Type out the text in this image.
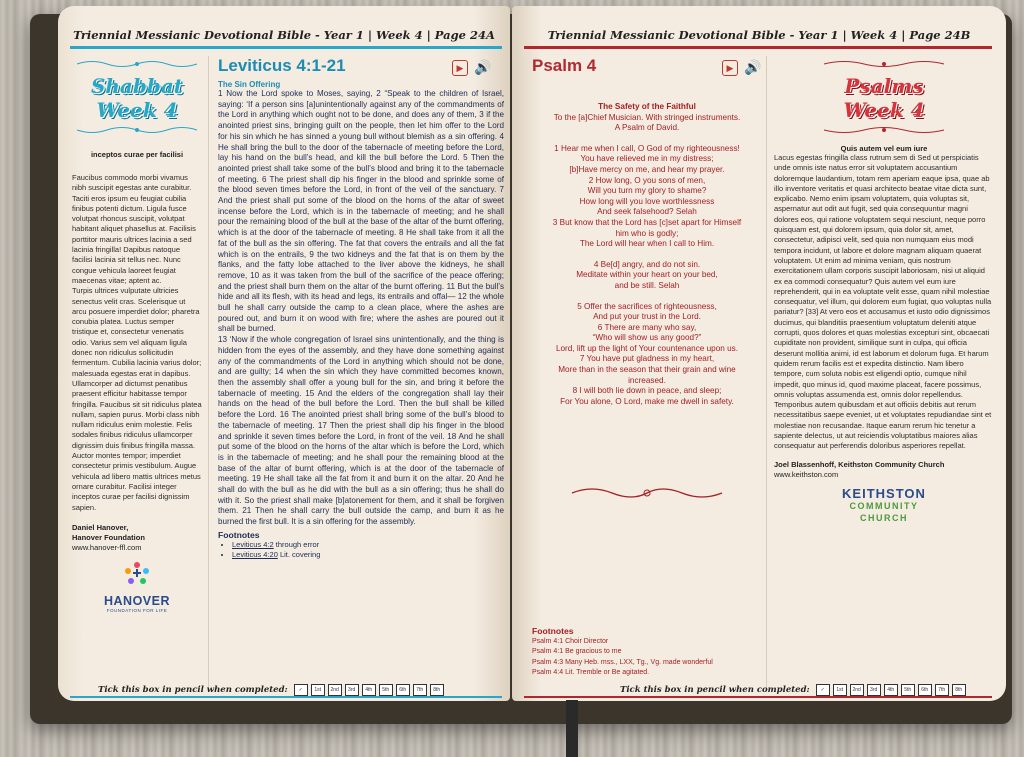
Triennial Messianic Devotional Bible - Year 1 | Week 4 | Page 24A
Shabbat
Week 4
inceptos curae per facilisi
Faucibus commodo morbi vivamus nibh suscipit egestas ante curabitur. Taciti eros ipsum eu feugiat cubilia finibus potenti dictum. Ligula fusce volutpat rhoncus suscipit, volutpat habitant aliquet phasellus at. Facilisis porttitor mauris ultrices lacinia a sed lacinia fringilla! Dapibus natoque facilisi lacinia sit tellus nec. Nunc congue vehicula laoreet feugiat maecenas vitae; aptent ac.
Turpis ultrices vulputate ultricies senectus velit cras. Scelerisque ut arcu posuere imperdiet dolor; pharetra conubia platea. Luctus semper tristique et, consectetur venenatis odio. Varius sem vel aliquam ligula donec non ridiculus sollicitudin fermentum. Cubilia lacinia varius dolor; malesuada egestas erat in dapibus. Ullamcorper ad dictumst penatibus praesent efficitur habitasse tempor fringilla. Faucibus sit sit ridiculus platea nullam, sapien purus. Morbi class nibh nullam ridiculus enim molestie. Felis sodales finibus ridiculus ullamcorper dignissim duis finibus fringilla massa. Auctor montes tempor; imperdiet consectetur primis vestibulum. Augue vehicula ad libero mattis ultrices metus ornare curabitur. Facilisi integer inceptos curae per facilisi dignissim sapien.
Daniel Hanover,
Hanover Foundation
www.hanover-ffl.com
HANOVER
FOUNDATION FOR LIFE
Leviticus 4:1-21	▶ 🔊
The Sin Offering
1 Now the Lord spoke to Moses, saying, 2 “Speak to the children of Israel, saying: ‘If a person sins [a]unintentionally against any of the commandments of the Lord in anything which ought not to be done, and does any of them, 3 if the anointed priest sins, bringing guilt on the people, then let him offer to the Lord for his sin which he has sinned a young bull without blemish as a sin offering. 4 He shall bring the bull to the door of the tabernacle of meeting before the Lord, lay his hand on the bull’s head, and kill the bull before the Lord. 5 Then the anointed priest shall take some of the bull’s blood and bring it to the tabernacle of meeting. 6 The priest shall dip his finger in the blood and sprinkle some of the blood seven times before the Lord, in front of the veil of the sanctuary. 7 And the priest shall put some of the blood on the horns of the altar of sweet incense before the Lord, which is in the tabernacle of meeting; and he shall pour the remaining blood of the bull at the base of the altar of the burnt offering, which is at the door of the tabernacle of meeting. 8 He shall take from it all the fat of the bull as the sin offering. The fat that covers the entrails and all the fat which is on the entrails, 9 the two kidneys and the fat that is on them by the flanks, and the fatty lobe attached to the liver above the kidneys, he shall remove, 10 as it was taken from the bull of the sacrifice of the peace offering; and the priest shall burn them on the altar of the burnt offering. 11 But the bull’s hide and all its flesh, with its head and legs, its entrails and offal— 12 the whole bull he shall carry outside the camp to a clean place, where the ashes are poured out, and burn it on wood with fire; where the ashes are poured out it shall be burned.
13 ‘Now if the whole congregation of Israel sins unintentionally, and the thing is hidden from the eyes of the assembly, and they have done something against any of the commandments of the Lord in anything which should not be done, and are guilty; 14 when the sin which they have committed becomes known, then the assembly shall offer a young bull for the sin, and bring it before the tabernacle of meeting. 15 And the elders of the congregation shall lay their hands on the head of the bull before the Lord. Then the bull shall be killed before the Lord. 16 The anointed priest shall bring some of the bull’s blood to the tabernacle of meeting. 17 Then the priest shall dip his finger in the blood and sprinkle it seven times before the Lord, in front of the veil. 18 And he shall put some of the blood on the horns of the altar which is before the Lord, which is in the tabernacle of meeting; and he shall pour the remaining blood at the base of the altar of burnt offering, which is at the door of the tabernacle of meeting. 19 He shall take all the fat from it and burn it on the altar. 20 And he shall do with the bull as he did with the bull as a sin offering; thus he shall do with it. So the priest shall make [b]atonement for them, and it shall be forgiven them. 21 Then he shall carry the bull outside the camp, and burn it as he burned the first bull. It is a sin offering for the assembly.
Footnotes
• Leviticus 4:2 through error
• Leviticus 4:20 Lit. covering
Tick this box in pencil when completed:	✓	1st	2nd	3rd	4th	5th	6th	7th	8th
Triennial Messianic Devotional Bible - Year 1 | Week 4 | Page 24B
Psalm 4	▶ 🔊
The Safety of the Faithful
To the [a]Chief Musician. With stringed instruments.
A Psalm of David.
1 Hear me when I call, O God of my righteousness!
You have relieved me in my distress;
[b]Have mercy on me, and hear my prayer.
2 How long, O you sons of men,
Will you turn my glory to shame?
How long will you love worthlessness
And seek falsehood? Selah
3 But know that the Lord has [c]set apart for Himself
him who is godly;
The Lord will hear when I call to Him.
4 Be[d] angry, and do not sin.
Meditate within your heart on your bed,
and be still. Selah
5 Offer the sacrifices of righteousness,
And put your trust in the Lord.
6 There are many who say,
“Who will show us any good?”
Lord, lift up the light of Your countenance upon us.
7 You have put gladness in my heart,
More than in the season that their grain and wine
increased.
8 I will both lie down in peace, and sleep;
For You alone, O Lord, make me dwell in safety.
Footnotes
Psalm 4:1 Choir Director
Psalm 4:1 Be gracious to me
Psalm 4:3 Many Heb. mss., LXX, Tg., Vg. made wonderful
Psalm 4:4 Lit. Tremble or Be agitated.
Psalms
Week 4
Quis autem vel eum iure
Lacus egestas fringilla class rutrum sem di Sed ut perspiciatis unde omnis iste natus error sit voluptatem accusantium doloremque laudantium, totam rem aperiam eaque ipsa, quae ab illo inventore veritatis et quasi architecto beatae vitae dicta sunt, explicabo. Nemo enim ipsam voluptatem, quia voluptas sit, aspernatur aut odit aut fugit, sed quia consequuntur magni dolores eos, qui ratione voluptatem sequi nesciunt, neque porro quisquam est, qui dolorem ipsum, quia dolor sit, amet, consectetur, adipisci velit, sed quia non numquam eius modi tempora incidunt, ut labore et dolore magnam aliquam quaerat voluptatem. Ut enim ad minima veniam, quis nostrum exercitationem ullam corporis suscipit laboriosam, nisi ut aliquid ex ea commodi consequatur? Quis autem vel eum iure reprehenderit, qui in ea voluptate velit esse, quam nihil molestiae consequatur, vel illum, qui dolorem eum fugiat, quo voluptas nulla pariatur? [33] At vero eos et accusamus et iusto odio dignissimos ducimus, qui blanditiis praesentium voluptatum deleniti atque corrupti, quos dolores et quas molestias excepturi sint, obcaecati cupiditate non provident, similique sunt in culpa, qui officia deserunt mollitia animi, id est laborum et dolorum fuga. Et harum quidem rerum facilis est et expedita distinctio. Nam libero tempore, cum soluta nobis est eligendi optio, cumque nihil impedit, quo minus id, quod maxime placeat, facere possimus, omnis voluptas assumenda est, omnis dolor repellendus. Temporibus autem quibusdam et aut officiis debitis aut rerum necessitatibus saepe eveniet, ut et voluptates repudiandae sint et molestiae non recusandae. Itaque earum rerum hic tenetur a sapiente delectus, ut aut reiciendis voluptatibus maiores alias consequatur aut perferendis doloribus asperiores repellat.
Joel Blassenhoff, Keithston Community Church
www.keithston.com
KEITHSTON
COMMUNITY
CHURCH
Tick this box in pencil when completed:	✓	1st	2nd	3rd	4th	5th	6th	7th	8th
